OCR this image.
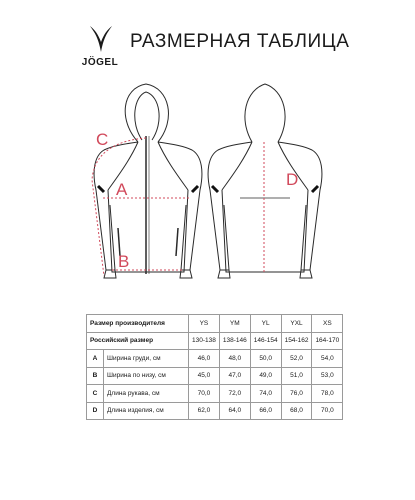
JÖGEL
РАЗМЕРНАЯ ТАБЛИЦА
C
A
B
D
Размер производителя		YS	YM	YL	YXL	XS
Российский размер		130-138	138-146	146-154	154-162	164-170
A	Ширина груди, см	46,0	48,0	50,0	52,0	54,0
B	Ширина по низу, см	45,0	47,0	49,0	51,0	53,0
C	Длина рукава, см	70,0	72,0	74,0	76,0	78,0
D	Длина изделия, см	62,0	64,0	66,0	68,0	70,0
